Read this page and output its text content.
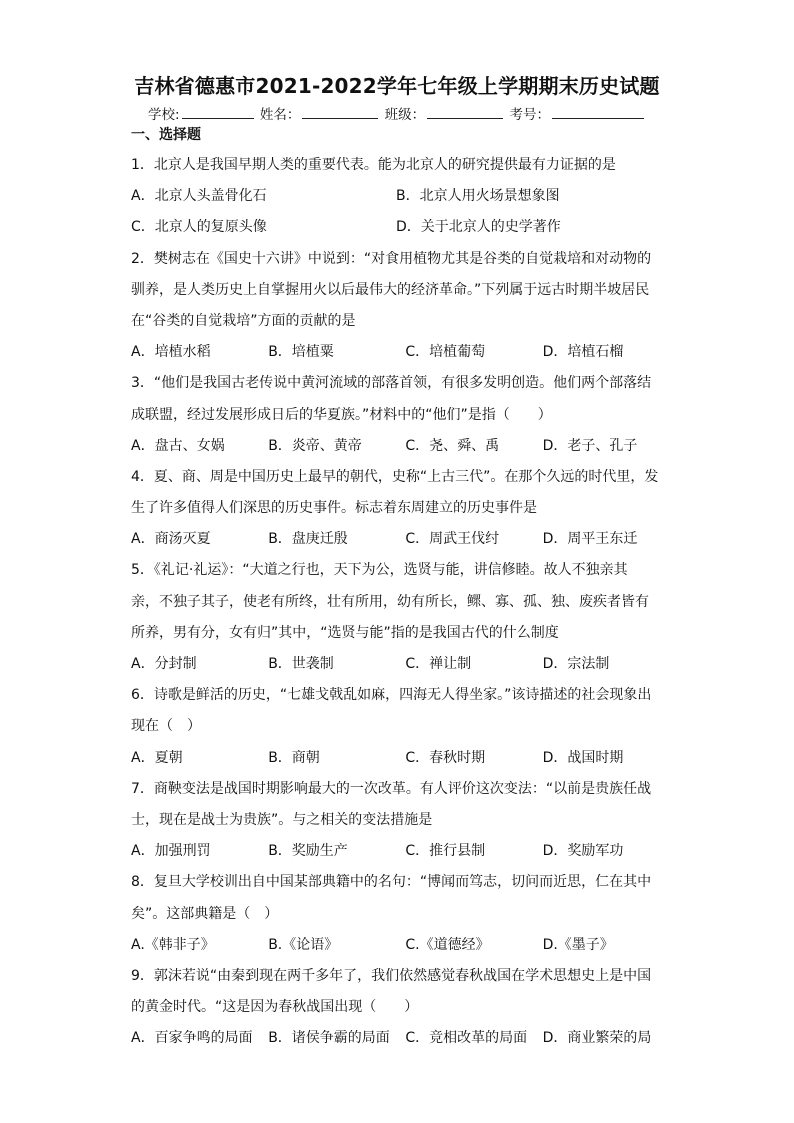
吉林省德惠市2021-2022学年七年级上学期期末历史试题
学校:	姓名：	班级：	考号：
一、选择题
1．北京人是我国早期人类的重要代表。能为北京人的研究提供最有力证据的是
A．北京人头盖骨化石	B．北京人用火场景想象图
C．北京人的复原头像	D．关于北京人的史学著作
2．樊树志在《国史十六讲》中说到：“对食用植物尤其是谷类的自觉栽培和对动物的
驯养，是人类历史上自掌握用火以后最伟大的经济革命。”下列属于远古时期半坡居民
在“谷类的自觉栽培”方面的贡献的是
A．培植水稻	B．培植粟	C．培植葡萄	D．培植石榴
3．“他们是我国古老传说中黄河流域的部落首领，有很多发明创造。他们两个部落结
成联盟，经过发展形成日后的华夏族。”材料中的“他们”是指（　　）
A．盘古、女娲	B．炎帝、黄帝	C．尧、舜、禹	D．老子、孔子
4．夏、商、周是中国历史上最早的朝代，史称“上古三代”。在那个久远的时代里，发
生了许多值得人们深思的历史事件。标志着东周建立的历史事件是
A．商汤灭夏	B．盘庚迁殷	C．周武王伐纣	D．周平王东迁
5．《礼记·礼运》：“大道之行也，天下为公，选贤与能，讲信修睦。故人不独亲其
亲，不独子其子，使老有所终，壮有所用，幼有所长，鳏、寡、孤、独、废疾者皆有
所养，男有分，女有归”其中，“选贤与能”指的是我国古代的什么制度
A．分封制	B．世袭制	C．禅让制	D．宗法制
6．诗歌是鲜活的历史，“七雄戈戟乱如麻，四海无人得坐家。”该诗描述的社会现象出
现在（　）
A．夏朝	B．商朝	C．春秋时期	D．战国时期
7．商鞅变法是战国时期影响最大的一次改革。有人评价这次变法：“以前是贵族任战
士，现在是战士为贵族”。与之相关的变法措施是
A．加强刑罚	B．奖励生产	C．推行县制	D．奖励军功
8．复旦大学校训出自中国某部典籍中的名句：“博闻而笃志，切问而近思，仁在其中
矣”。这部典籍是（　）
A.《韩非子》	B.《论语》	C.《道德经》	D.《墨子》
9．郭沫若说“由秦到现在两千多年了，我们依然感觉春秋战国在学术思想史上是中国
的黄金时代。“这是因为春秋战国出现（　　）
A．百家争鸣的局面	B．诸侯争霸的局面	C．竞相改革的局面	D．商业繁荣的局
